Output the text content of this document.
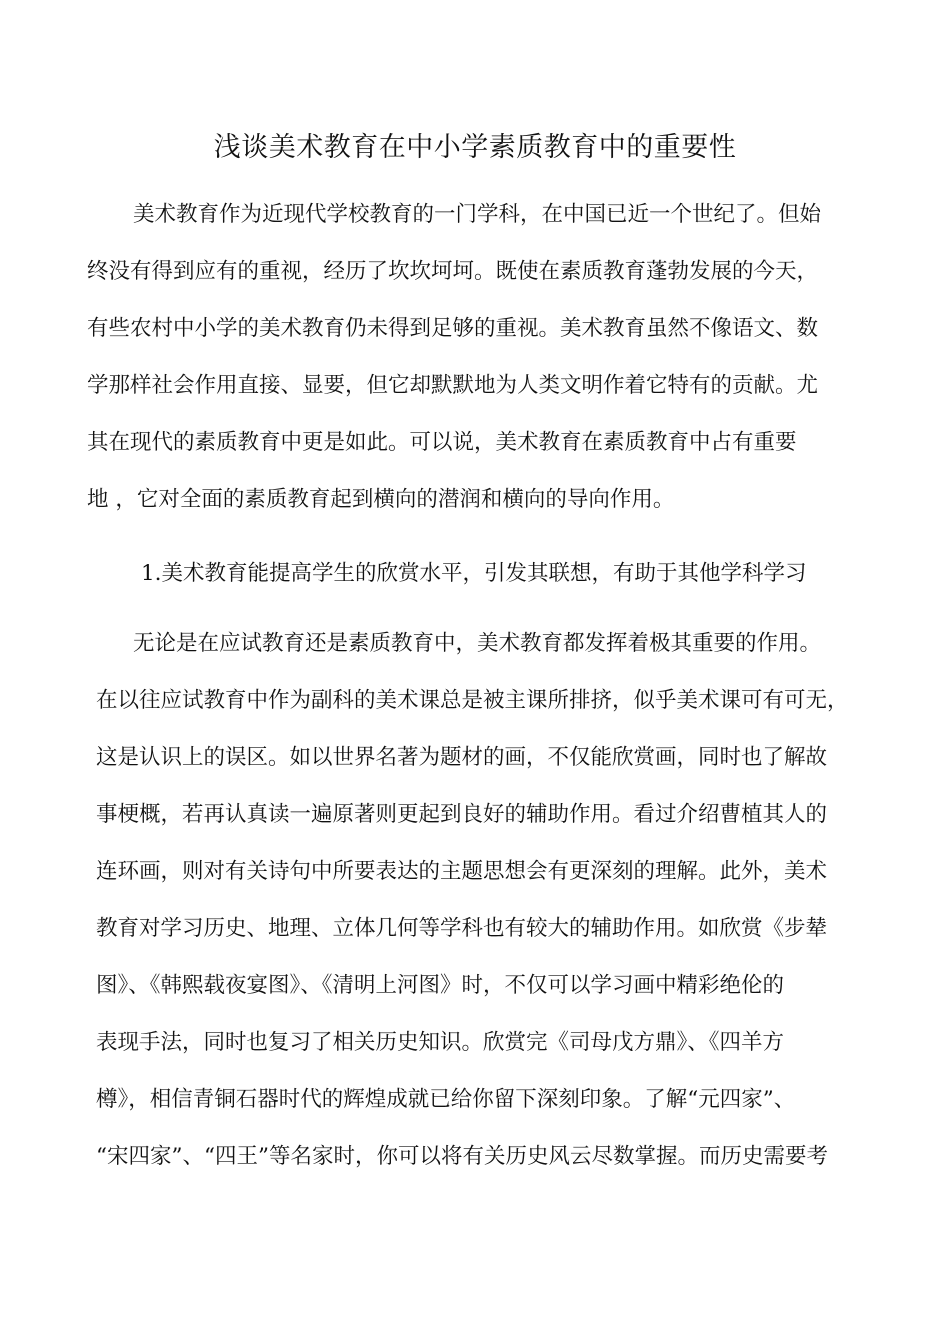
浅谈美术教育在中小学素质教育中的重要性
美术教育作为近现代学校教育的一门学科，在中国已近一个世纪了。但始
终没有得到应有的重视，经历了坎坎坷坷。既使在素质教育蓬勃发展的今天，
有些农村中小学的美术教育仍未得到足够的重视。美术教育虽然不像语文、数
学那样社会作用直接、显要，但它却默默地为人类文明作着它特有的贡献。尤
其在现代的素质教育中更是如此。可以说，美术教育在素质教育中占有重要
地 ，它对全面的素质教育起到横向的潜润和横向的导向作用。
1.美术教育能提高学生的欣赏水平，引发其联想，有助于其他学科学习
无论是在应试教育还是素质教育中，美术教育都发挥着极其重要的作用。
在以往应试教育中作为副科的美术课总是被主课所排挤，似乎美术课可有可无，
这是认识上的误区。如以世界名著为题材的画，不仅能欣赏画，同时也了解故
事梗概，若再认真读一遍原著则更起到良好的辅助作用。看过介绍曹植其人的
连环画，则对有关诗句中所要表达的主题思想会有更深刻的理解。此外，美术
教育对学习历史、地理、立体几何等学科也有较大的辅助作用。如欣赏《步辇
图》、《韩熙载夜宴图》、《清明上河图》时，不仅可以学习画中精彩绝伦的
表现手法，同时也复习了相关历史知识。欣赏完《司母戊方鼎》、《四羊方
樽》，相信青铜石器时代的辉煌成就已给你留下深刻印象。了解“元四家”、
“宋四家”、“四王”等名家时，你可以将有关历史风云尽数掌握。而历史需要考
